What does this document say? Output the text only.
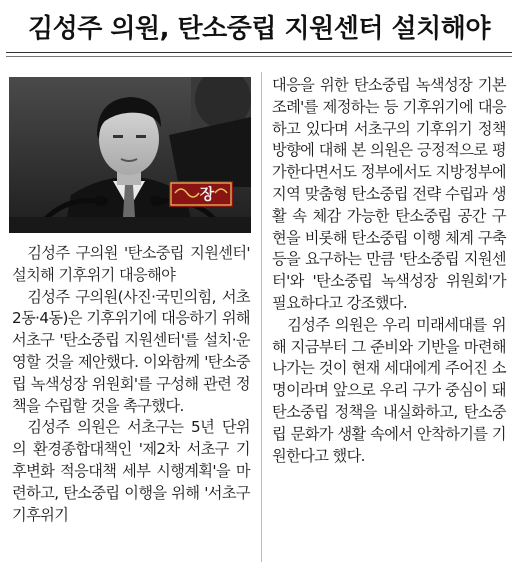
김성주 의원, 탄소중립 지원센터 설치해야
장

김성주 구의원 '탄소중립 지원센터' 설치해 기후위기 대응해야

김성주 구의원(사진·국민의힘, 서초2동·4동)은 기후위기에 대응하기 위해 서초구 '탄소중립 지원센터'를 설치·운영할 것을 제안했다. 이와함께 '탄소중립 녹색성장 위원회'를 구성해 관련 정책을 수립할 것을 촉구했다.

김성주 의원은 서초구는 5년 단위의 환경종합대책인 '제2차 서초구 기후변화 적응대책 세부 시행계획'을 마련하고, 탄소중립 이행을 위해 '서초구 기후위기

대응을 위한 탄소중립 녹색성장 기본조례'를 제정하는 등 기후위기에 대응하고 있다며 서초구의 기후위기 정책방향에 대해 본 의원은 긍정적으로 평가한다면서도 정부에서도 지방정부에 지역 맞춤형 탄소중립 전략 수립과 생활 속 체감 가능한 탄소중립 공간 구현을 비롯해 탄소중립 이행 체계 구축 등을 요구하는 만큼 '탄소중립 지원센터'와 '탄소중립 녹색성장 위원회'가 필요하다고 강조했다.

김성주 의원은 우리 미래세대를 위해 지금부터 그 준비와 기반을 마련해나가는 것이 현재 세대에게 주어진 소명이라며 앞으로 우리 구가 중심이 돼 탄소중립 정책을 내실화하고, 탄소중립 문화가 생활 속에서 안착하기를 기원한다고 했다.
